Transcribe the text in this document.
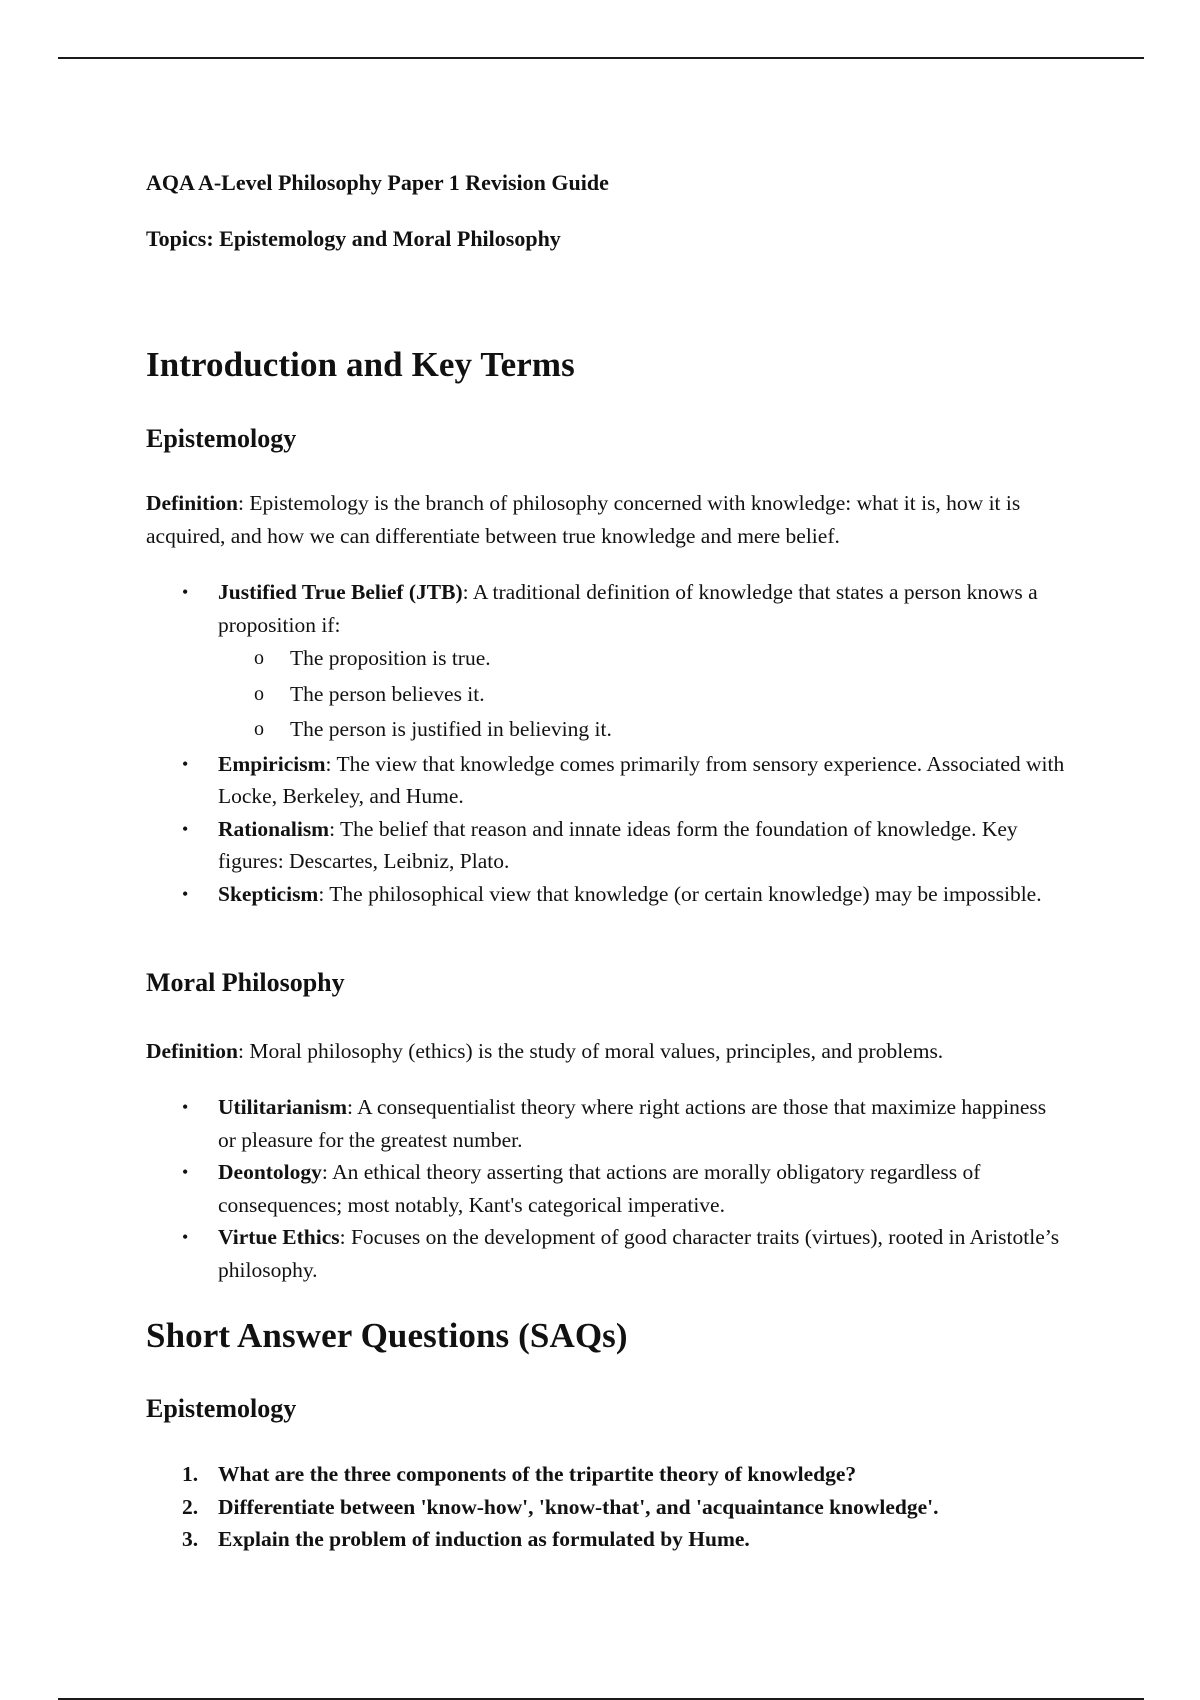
AQA A-Level Philosophy Paper 1 Revision Guide
Topics: Epistemology and Moral Philosophy
Introduction and Key Terms
Epistemology

Definition: Epistemology is the branch of philosophy concerned with knowledge: what it is, how it is acquired, and how we can differentiate between true knowledge and mere belief.

• Justified True Belief (JTB): A traditional definition of knowledge that states a person knows a proposition if:
o The proposition is true.
o The person believes it.
o The person is justified in believing it.
• Empiricism: The view that knowledge comes primarily from sensory experience. Associated with Locke, Berkeley, and Hume.
• Rationalism: The belief that reason and innate ideas form the foundation of knowledge. Key figures: Descartes, Leibniz, Plato.
• Skepticism: The philosophical view that knowledge (or certain knowledge) may be impossible.
Moral Philosophy

Definition: Moral philosophy (ethics) is the study of moral values, principles, and problems.

• Utilitarianism: A consequentialist theory where right actions are those that maximize happiness or pleasure for the greatest number.
• Deontology: An ethical theory asserting that actions are morally obligatory regardless of consequences; most notably, Kant's categorical imperative.
• Virtue Ethics: Focuses on the development of good character traits (virtues), rooted in Aristotle’s philosophy.
Short Answer Questions (SAQs)
Epistemology
1. What are the three components of the tripartite theory of knowledge?
2. Differentiate between 'know-how', 'know-that', and 'acquaintance knowledge'.
3. Explain the problem of induction as formulated by Hume.
